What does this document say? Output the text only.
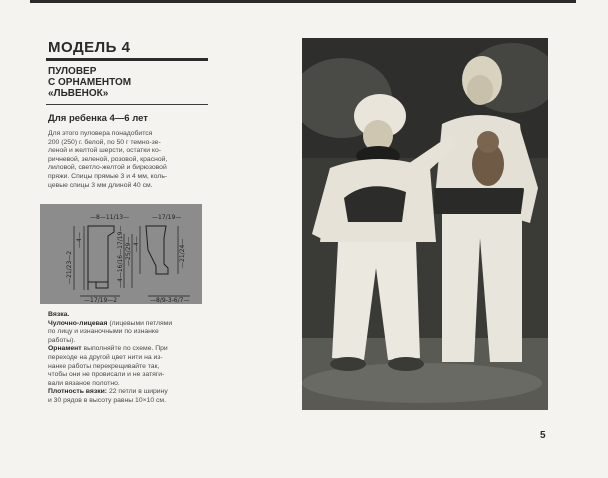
МОДЕЛЬ 4
ПУЛОВЕР
С ОРНАМЕНТОМ
«ЛЬВЕНОК»
Для ребенка 4—6 лет
Для этого пуловера понадобится
200 (250) г. белой, по 50 г темно-зе-
леной и желтой шерсти, остатки ко-
ричневой, зеленой, розовой, красной,
лиловой, светло-желтой и бирюзовой
пряжи. Спицы прямые 3 и 4 мм, коль-
цевые спицы 3 мм длиной 40 см.
—8—11/13—	—17/19—
—17/19—2	—8/9-3-6/7—
—21/23—2
—4—	—4—16/16—17/19— —25/29— —4—	—21/24—
Вязка.
Чулочно-лицевая (лицевыми петлями
по лицу и изнаночными по изнанке
работы).
Орнамент выполняйте по схеме. При
переходе на другой цвет нити на из-
нанке работы перекрещивайте так,
чтобы они не провисали и не затяги-
вали вязаное полотно.
Плотность вязки: 22 петли в ширину
и 30 рядов в высоту равны 10×10 см.
5
